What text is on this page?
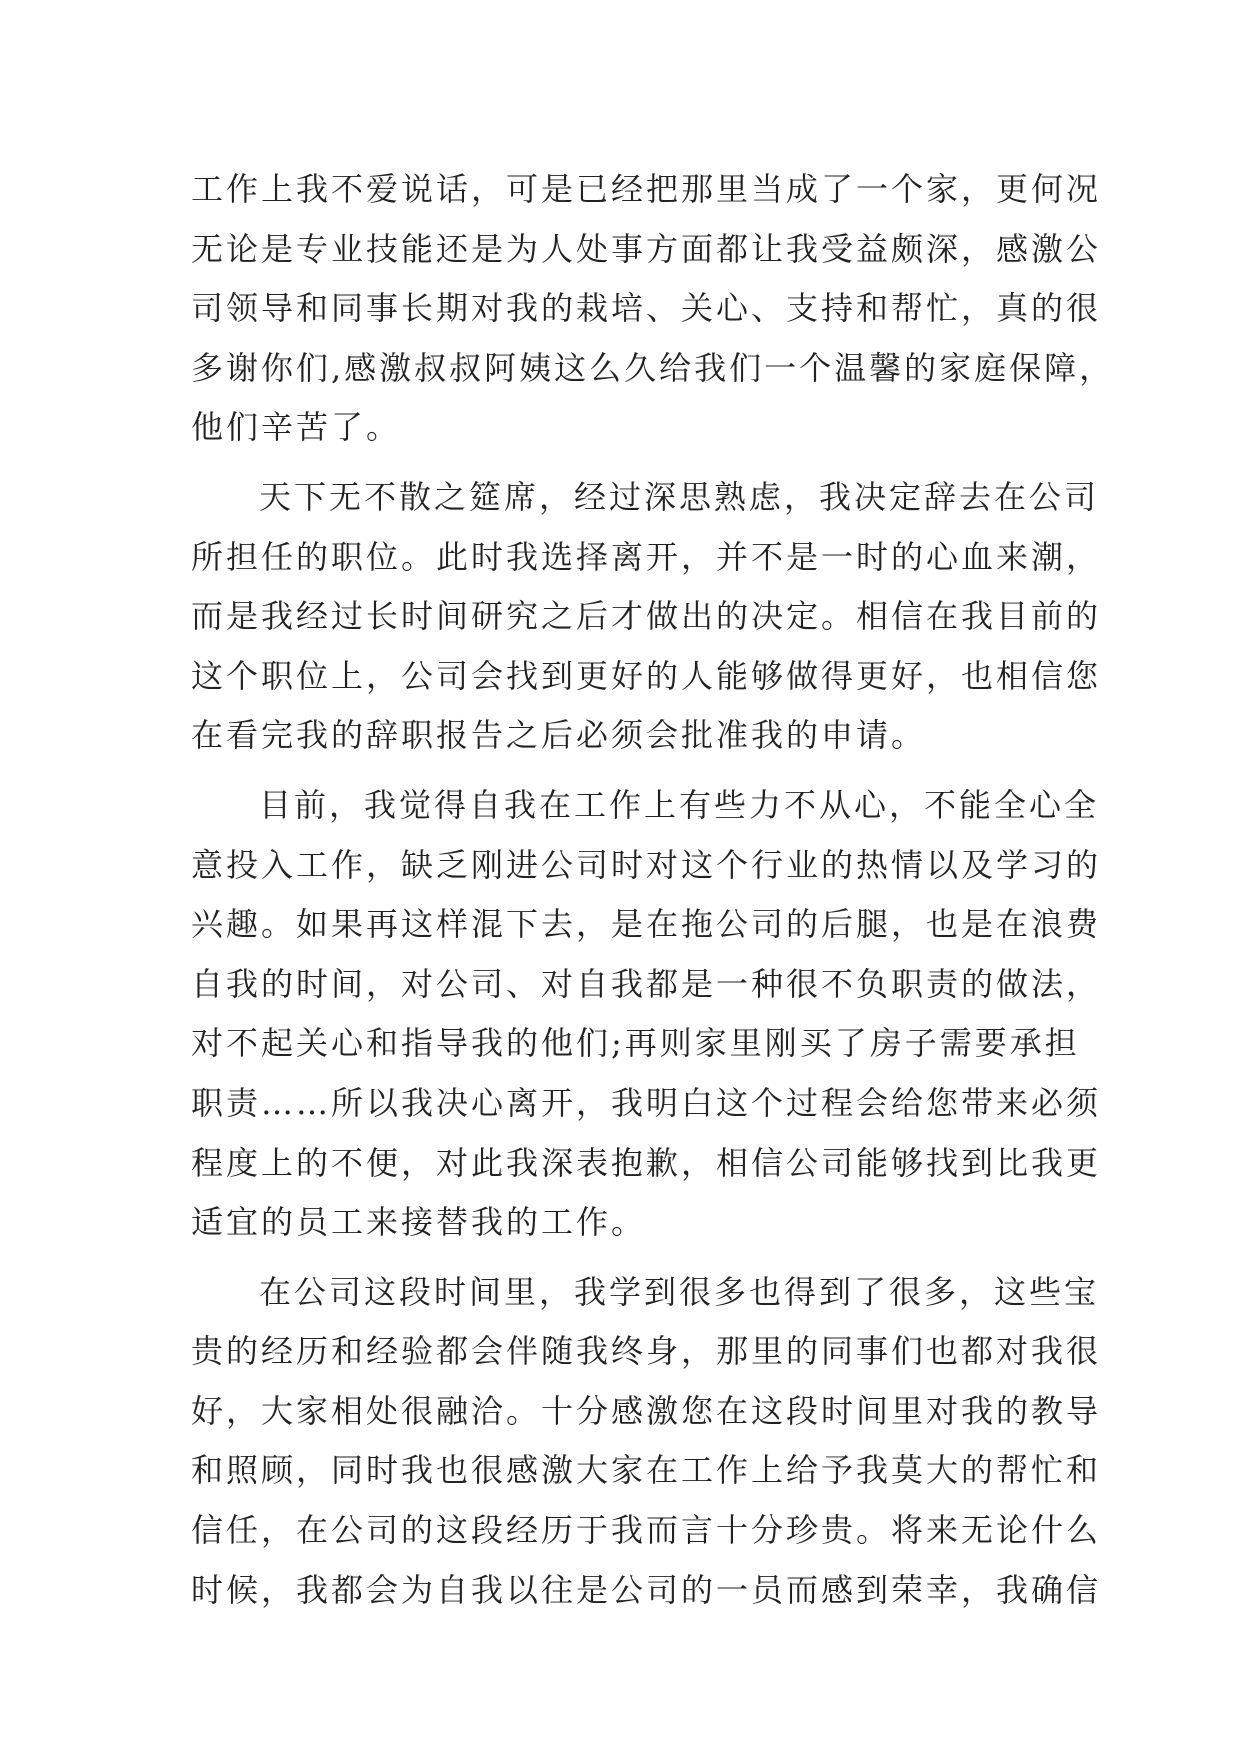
工作上我不爱说话，可是已经把那里当成了一个家，更何况
无论是专业技能还是为人处事方面都让我受益颇深，感激公
司领导和同事长期对我的栽培、关心、支持和帮忙，真的很
多谢你们,感激叔叔阿姨这么久给我们一个温馨的家庭保障，
他们辛苦了。
天下无不散之筵席，经过深思熟虑，我决定辞去在公司
所担任的职位。此时我选择离开，并不是一时的心血来潮，
而是我经过长时间研究之后才做出的决定。相信在我目前的
这个职位上，公司会找到更好的人能够做得更好，也相信您
在看完我的辞职报告之后必须会批准我的申请。
目前，我觉得自我在工作上有些力不从心，不能全心全
意投入工作，缺乏刚进公司时对这个行业的热情以及学习的
兴趣。如果再这样混下去，是在拖公司的后腿，也是在浪费
自我的时间，对公司、对自我都是一种很不负职责的做法，
对不起关心和指导我的他们;再则家里刚买了房子需要承担
职责……所以我决心离开，我明白这个过程会给您带来必须
程度上的不便，对此我深表抱歉，相信公司能够找到比我更
适宜的员工来接替我的工作。
在公司这段时间里，我学到很多也得到了很多，这些宝
贵的经历和经验都会伴随我终身，那里的同事们也都对我很
好，大家相处很融洽。十分感激您在这段时间里对我的教导
和照顾，同时我也很感激大家在工作上给予我莫大的帮忙和
信任，在公司的这段经历于我而言十分珍贵。将来无论什么
时候，我都会为自我以往是公司的一员而感到荣幸，我确信
